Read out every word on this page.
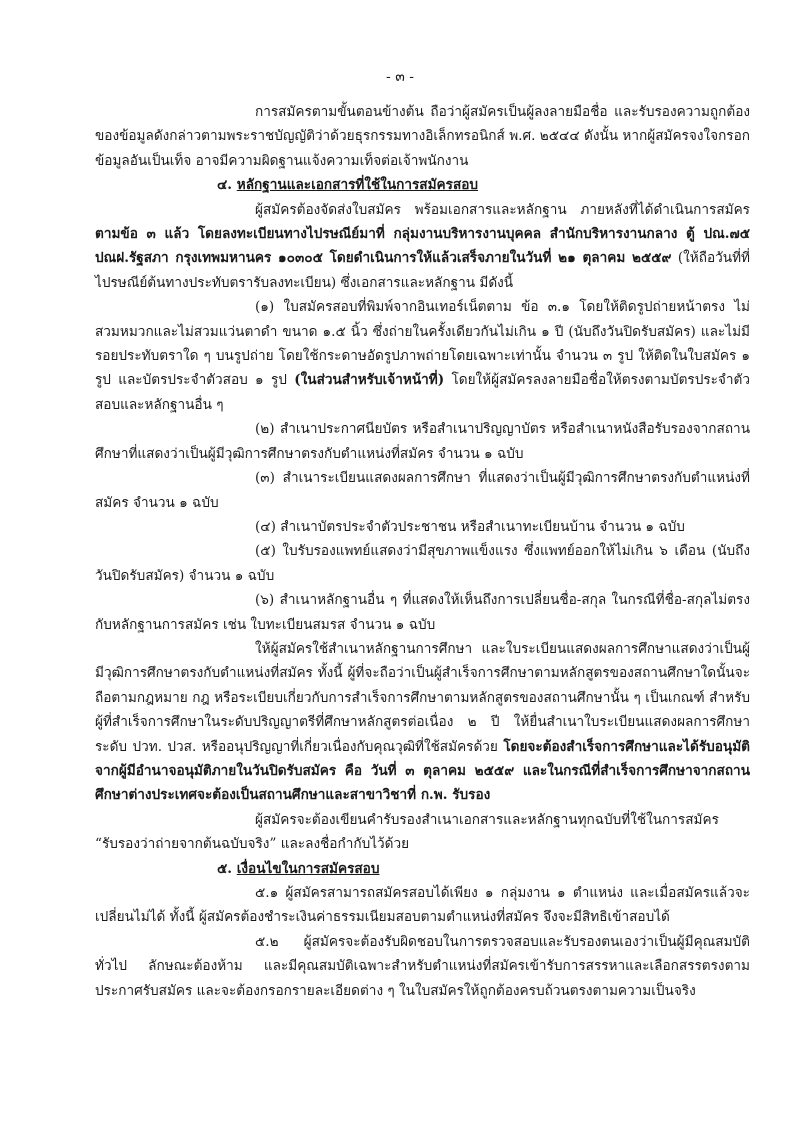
- ๓ -

การสมัครตามขั้นตอนข้างต้น ถือว่าผู้สมัครเป็นผู้ลงลายมือชื่อ และรับรองความถูกต้องของข้อมูลดังกล่าวตามพระราชบัญญัติว่าด้วยธุรกรรมทางอิเล็กทรอนิกส์ พ.ศ. ๒๕๔๔ ดังนั้น หากผู้สมัครจงใจกรอกข้อมูลอันเป็นเท็จ อาจมีความผิดฐานแจ้งความเท็จต่อเจ้าพนักงาน

๔. หลักฐานและเอกสารที่ใช้ในการสมัครสอบ

ผู้สมัครต้องจัดส่งใบสมัคร พร้อมเอกสารและหลักฐาน ภายหลังที่ได้ดำเนินการสมัคร ตามข้อ ๓ แล้ว โดยลงทะเบียนทางไปรษณีย์มาที่ กลุ่มงานบริหารงานบุคคล สำนักบริหารงานกลาง ตู้ ปณ.๗๕ ปณฝ.รัฐสภา กรุงเทพมหานคร ๑๐๓๐๕ โดยดำเนินการให้แล้วเสร็จภายในวันที่ ๒๑ ตุลาคม ๒๕๕๙ (ให้ถือวันที่ที่ไปรษณีย์ต้นทางประทับตรารับลงทะเบียน) ซึ่งเอกสารและหลักฐาน มีดังนี้

(๑) ใบสมัครสอบที่พิมพ์จากอินเทอร์เน็ตตาม ข้อ ๓.๑ โดยให้ติดรูปถ่ายหน้าตรง ไม่สวมหมวกและไม่สวมแว่นตาดำ ขนาด ๑.๕ นิ้ว ซึ่งถ่ายในครั้งเดียวกันไม่เกิน ๑ ปี (นับถึงวันปิดรับสมัคร) และไม่มีรอยประทับตราใด ๆ บนรูปถ่าย โดยใช้กระดาษอัดรูปภาพถ่ายโดยเฉพาะเท่านั้น จำนวน ๓ รูป ให้ติดในใบสมัคร ๑ รูป และบัตรประจำตัวสอบ ๑ รูป (ในส่วนสำหรับเจ้าหน้าที่) โดยให้ผู้สมัครลงลายมือชื่อให้ตรงตามบัตรประจำตัวสอบและหลักฐานอื่น ๆ

(๒) สำเนาประกาศนียบัตร หรือสำเนาปริญญาบัตร หรือสำเนาหนังสือรับรองจากสถานศึกษาที่แสดงว่าเป็นผู้มีวุฒิการศึกษาตรงกับตำแหน่งที่สมัคร จำนวน ๑ ฉบับ

(๓) สำเนาระเบียนแสดงผลการศึกษา ที่แสดงว่าเป็นผู้มีวุฒิการศึกษาตรงกับตำแหน่งที่สมัคร จำนวน ๑ ฉบับ

(๔) สำเนาบัตรประจำตัวประชาชน หรือสำเนาทะเบียนบ้าน จำนวน ๑ ฉบับ

(๕) ใบรับรองแพทย์แสดงว่ามีสุขภาพแข็งแรง ซึ่งแพทย์ออกให้ไม่เกิน ๖ เดือน (นับถึงวันปิดรับสมัคร) จำนวน ๑ ฉบับ

(๖) สำเนาหลักฐานอื่น ๆ ที่แสดงให้เห็นถึงการเปลี่ยนชื่อ-สกุล ในกรณีที่ชื่อ-สกุลไม่ตรงกับหลักฐานการสมัคร เช่น ใบทะเบียนสมรส จำนวน ๑ ฉบับ

ให้ผู้สมัครใช้สำเนาหลักฐานการศึกษา และใบระเบียนแสดงผลการศึกษาแสดงว่าเป็นผู้มีวุฒิการศึกษาตรงกับตำแหน่งที่สมัคร ทั้งนี้ ผู้ที่จะถือว่าเป็นผู้สำเร็จการศึกษาตามหลักสูตรของสถานศึกษาใดนั้นจะถือตามกฎหมาย กฎ หรือระเบียบเกี่ยวกับการสำเร็จการศึกษาตามหลักสูตรของสถานศึกษานั้น ๆ เป็นเกณฑ์ สำหรับผู้ที่สำเร็จการศึกษาในระดับปริญญาตรีที่ศึกษาหลักสูตรต่อเนื่อง ๒ ปี ให้ยื่นสำเนาใบระเบียนแสดงผลการศึกษาระดับ ปวท. ปวส. หรืออนุปริญญาที่เกี่ยวเนื่องกับคุณวุฒิที่ใช้สมัครด้วย โดยจะต้องสำเร็จการศึกษาและได้รับอนุมัติจากผู้มีอำนาจอนุมัติภายในวันปิดรับสมัคร คือ วันที่ ๓ ตุลาคม ๒๕๕๙ และในกรณีที่สำเร็จการศึกษาจากสถานศึกษาต่างประเทศจะต้องเป็นสถานศึกษาและสาขาวิชาที่ ก.พ. รับรอง

ผู้สมัครจะต้องเขียนคำรับรองสำเนาเอกสารและหลักฐานทุกฉบับที่ใช้ในการสมัคร “รับรองว่าถ่ายจากต้นฉบับจริง” และลงชื่อกำกับไว้ด้วย

๕. เงื่อนไขในการสมัครสอบ

๕.๑ ผู้สมัครสามารถสมัครสอบได้เพียง ๑ กลุ่มงาน ๑ ตำแหน่ง และเมื่อสมัครแล้วจะเปลี่ยนไม่ได้ ทั้งนี้ ผู้สมัครต้องชำระเงินค่าธรรมเนียมสอบตามตำแหน่งที่สมัคร จึงจะมีสิทธิเข้าสอบได้

๕.๒ ผู้สมัครจะต้องรับผิดชอบในการตรวจสอบและรับรองตนเองว่าเป็นผู้มีคุณสมบัติทั่วไป ลักษณะต้องห้าม และมีคุณสมบัติเฉพาะสำหรับตำแหน่งที่สมัครเข้ารับการสรรหาและเลือกสรรตรงตามประกาศรับสมัคร และจะต้องกรอกรายละเอียดต่าง ๆ ในใบสมัครให้ถูกต้องครบถ้วนตรงตามความเป็นจริง
